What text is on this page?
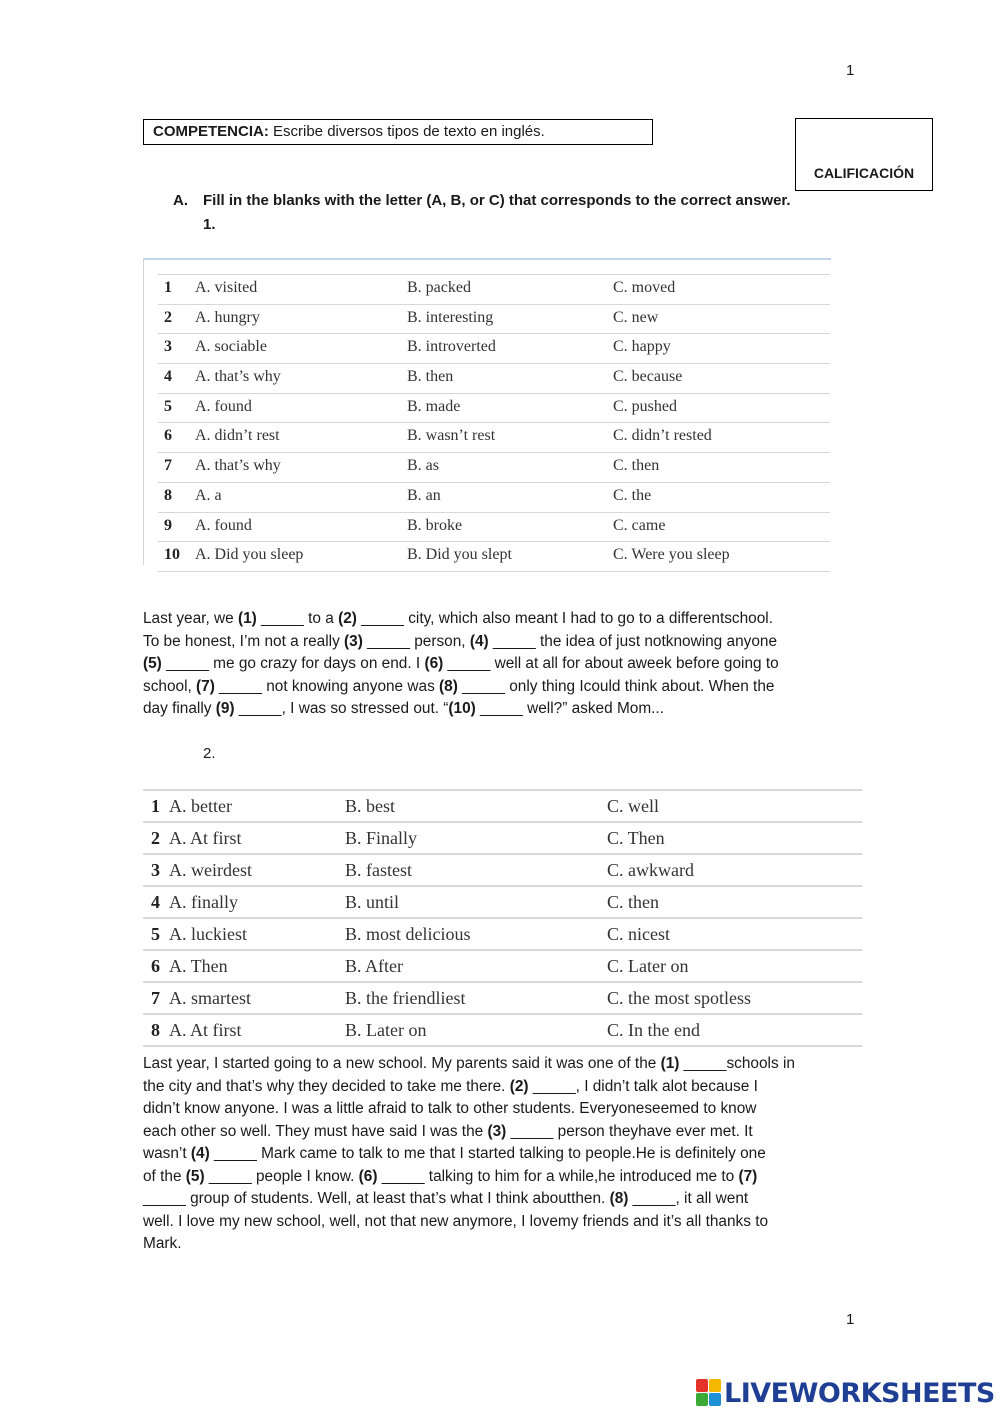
1
COMPETENCIA: Escribe diversos tipos de texto en inglés.
CALIFICACIÓN
A. Fill in the blanks with the letter (A, B, or C) that corresponds to the correct answer.
1.
1 A. visited	B. packed	C. moved
2 A. hungry	B. interesting	C. new
3 A. sociable	B. introverted	C. happy
4 A. that’s why	B. then	C. because
5 A. found	B. made	C. pushed
6 A. didn’t rest	B. wasn’t rest	C. didn’t rested
7 A. that’s why	B. as	C. then
8 A. a	B. an	C. the
9 A. found	B. broke	C. came
10 A. Did you sleep	B. Did you slept	C. Were you sleep
Last year, we (1) _____ to a (2) _____ city, which also meant I had to go to a differentschool.
To be honest, I’m not a really (3) _____ person, (4) _____ the idea of just notknowing anyone
(5) _____ me go crazy for days on end. I (6) _____ well at all for about aweek before going to
school, (7) _____ not knowing anyone was (8) _____ only thing Icould think about. When the
day finally (9) _____, I was so stressed out. “(10) _____ well?” asked Mom...
2.
1 A. better	B. best	C. well
2 A. At first	B. Finally	C. Then
3 A. weirdest	B. fastest	C. awkward
4 A. finally	B. until	C. then
5 A. luckiest	B. most delicious	C. nicest
6 A. Then	B. After	C. Later on
7 A. smartest	B. the friendliest	C. the most spotless
8 A. At first	B. Later on	C. In the end
Last year, I started going to a new school. My parents said it was one of the (1) _____schools in
the city and that’s why they decided to take me there. (2) _____, I didn’t talk alot because I
didn’t know anyone. I was a little afraid to talk to other students. Everyoneseemed to know
each other so well. They must have said I was the (3) _____ person theyhave ever met. It
wasn’t (4) _____ Mark came to talk to me that I started talking to people.He is definitely one
of the (5) _____ people I know. (6) _____ talking to him for a while,he introduced me to (7)
_____ group of students. Well, at least that’s what I think aboutthen. (8) _____, it all went
well. I love my new school, well, not that new anymore, I lovemy friends and it’s all thanks to
Mark.
1
LIVEWORKSHEETS
